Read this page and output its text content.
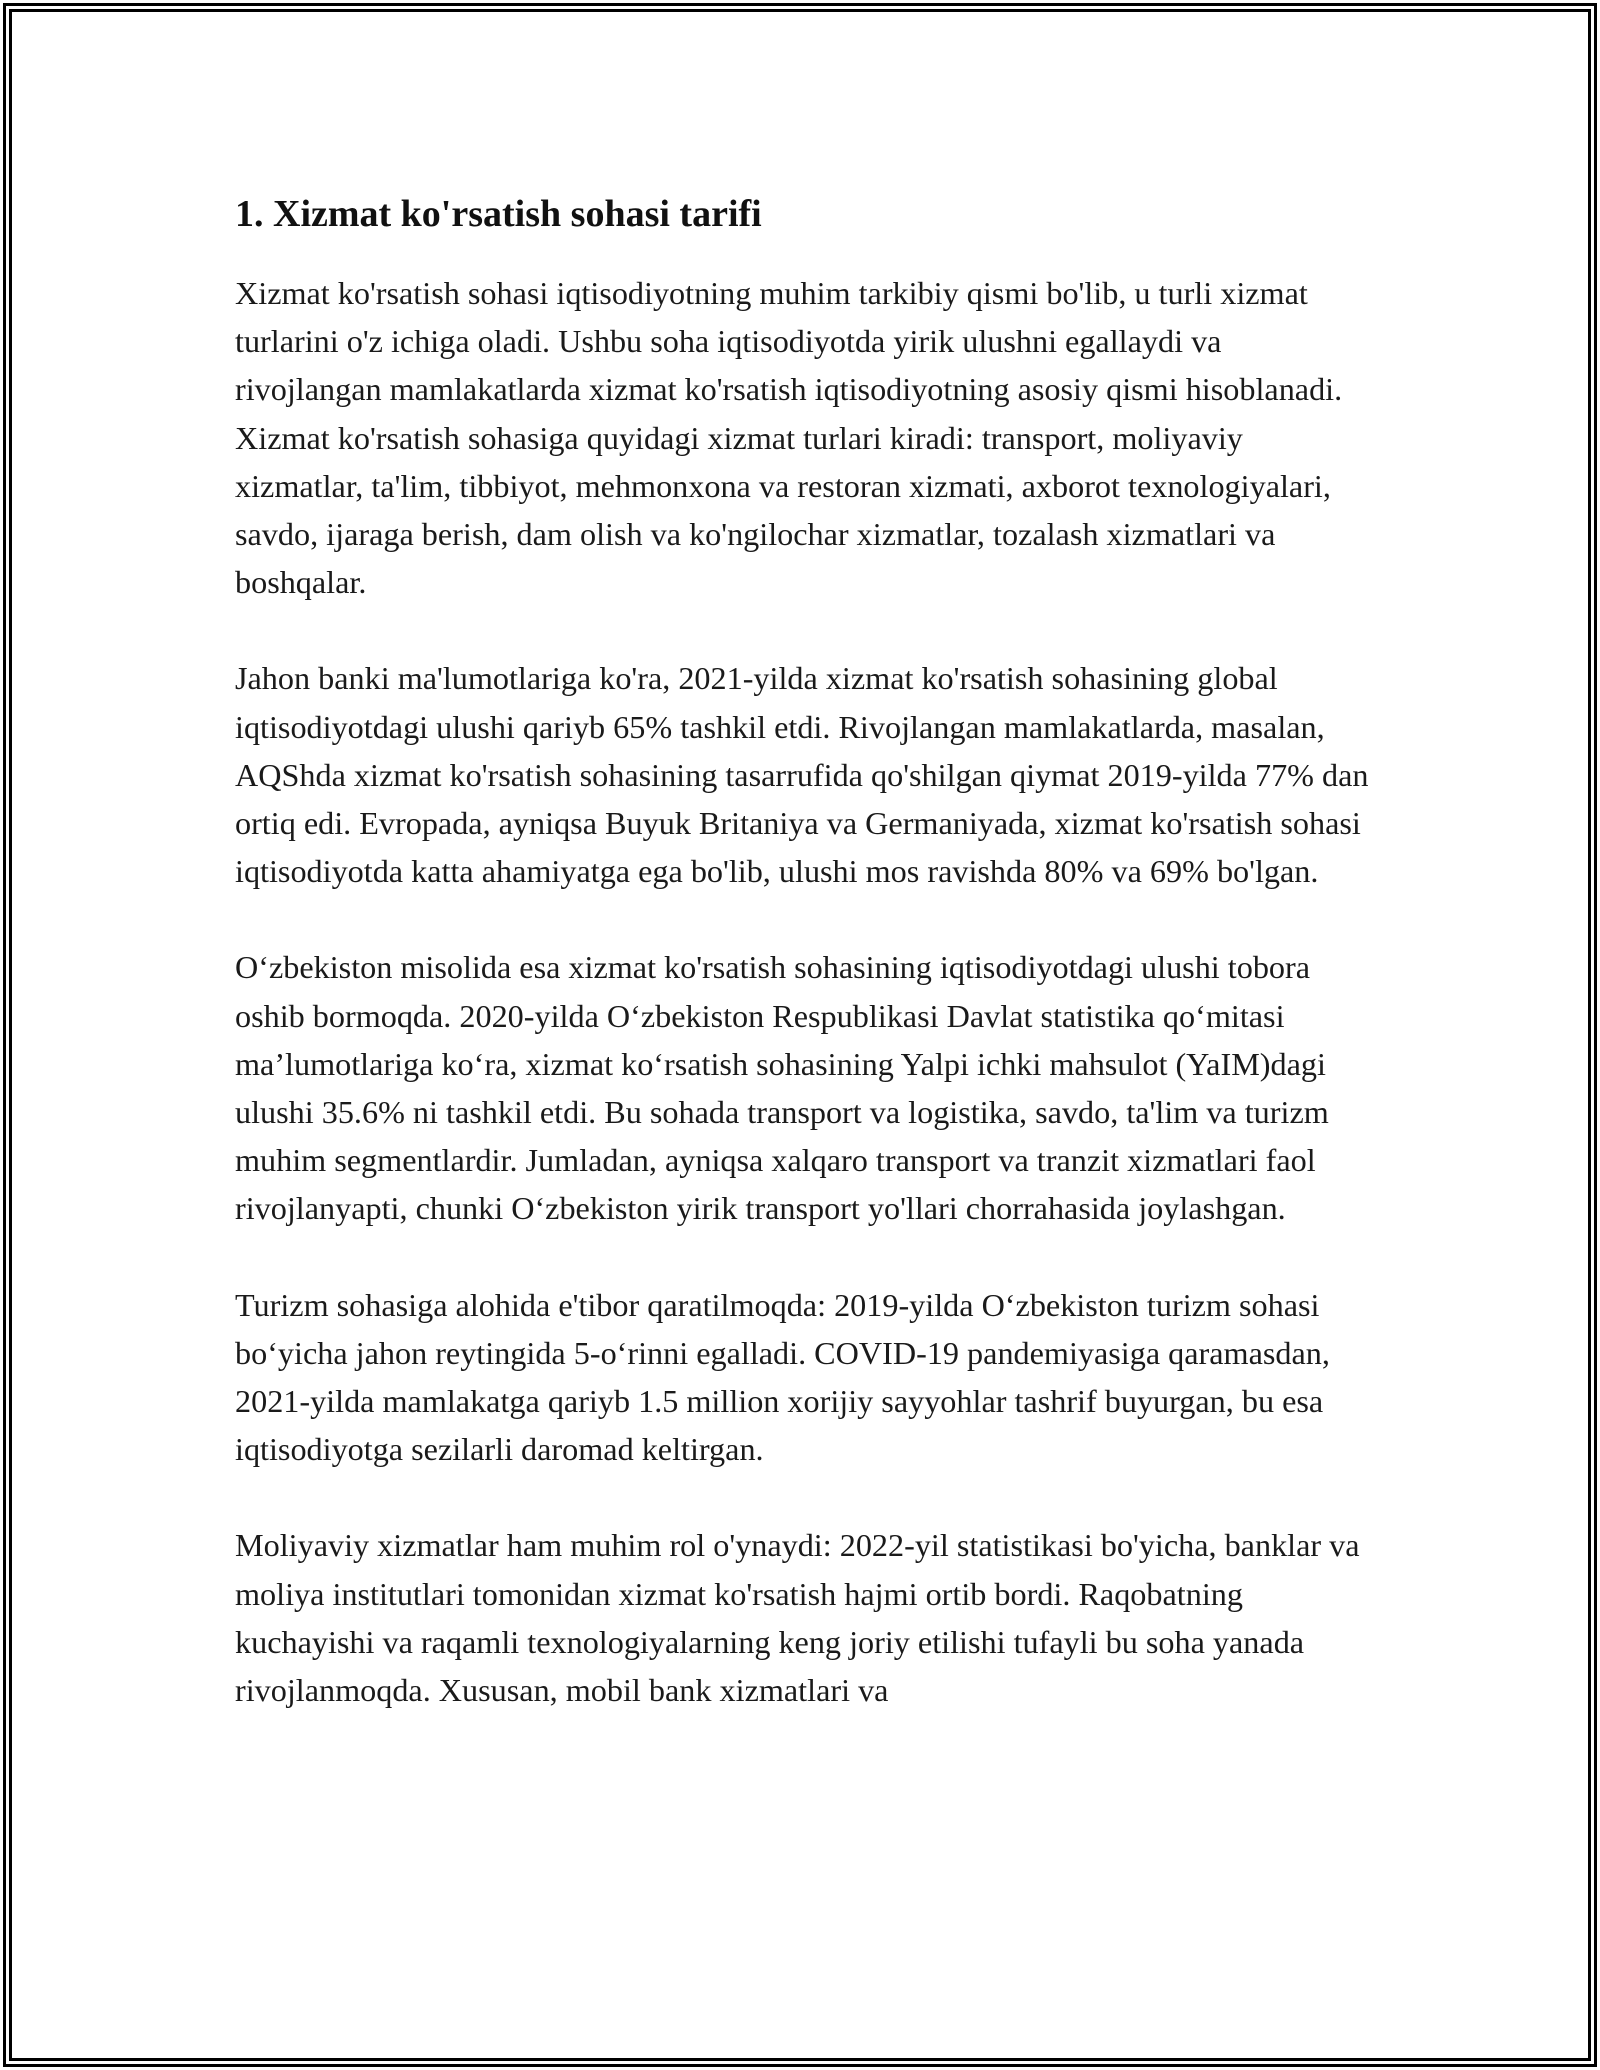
1. Xizmat ko'rsatish sohasi tarifi

Xizmat ko'rsatish sohasi iqtisodiyotning muhim tarkibiy qismi bo'lib, u turli xizmat turlarini o'z ichiga oladi. Ushbu soha iqtisodiyotda yirik ulushni egallaydi va rivojlangan mamlakatlarda xizmat ko'rsatish iqtisodiyotning asosiy qismi hisoblanadi. Xizmat ko'rsatish sohasiga quyidagi xizmat turlari kiradi: transport, moliyaviy xizmatlar, ta'lim, tibbiyot, mehmonxona va restoran xizmati, axborot texnologiyalari, savdo, ijaraga berish, dam olish va ko'ngilochar xizmatlar, tozalash xizmatlari va boshqalar.

Jahon banki ma'lumotlariga ko'ra, 2021-yilda xizmat ko'rsatish sohasining global iqtisodiyotdagi ulushi qariyb 65% tashkil etdi. Rivojlangan mamlakatlarda, masalan, AQShda xizmat ko'rsatish sohasining tasarrufida qo'shilgan qiymat 2019-yilda 77% dan ortiq edi. Evropada, ayniqsa Buyuk Britaniya va Germaniyada, xizmat ko'rsatish sohasi iqtisodiyotda katta ahamiyatga ega bo'lib, ulushi mos ravishda 80% va 69% bo'lgan.

O‘zbekiston misolida esa xizmat ko'rsatish sohasining iqtisodiyotdagi ulushi tobora oshib bormoqda. 2020-yilda O‘zbekiston Respublikasi Davlat statistika qo‘mitasi ma’lumotlariga ko‘ra, xizmat ko‘rsatish sohasining Yalpi ichki mahsulot (YaIM)dagi ulushi 35.6% ni tashkil etdi. Bu sohada transport va logistika, savdo, ta'lim va turizm muhim segmentlardir. Jumladan, ayniqsa xalqaro transport va tranzit xizmatlari faol rivojlanyapti, chunki O‘zbekiston yirik transport yo'llari chorrahasida joylashgan.

Turizm sohasiga alohida e'tibor qaratilmoqda: 2019-yilda O‘zbekiston turizm sohasi bo‘yicha jahon reytingida 5-o‘rinni egalladi. COVID-19 pandemiyasiga qaramasdan, 2021-yilda mamlakatga qariyb 1.5 million xorijiy sayyohlar tashrif buyurgan, bu esa iqtisodiyotga sezilarli daromad keltirgan.

Moliyaviy xizmatlar ham muhim rol o'ynaydi: 2022-yil statistikasi bo'yicha, banklar va moliya institutlari tomonidan xizmat ko'rsatish hajmi ortib bordi. Raqobatning kuchayishi va raqamli texnologiyalarning keng joriy etilishi tufayli bu soha yanada rivojlanmoqda. Xususan, mobil bank xizmatlari va
